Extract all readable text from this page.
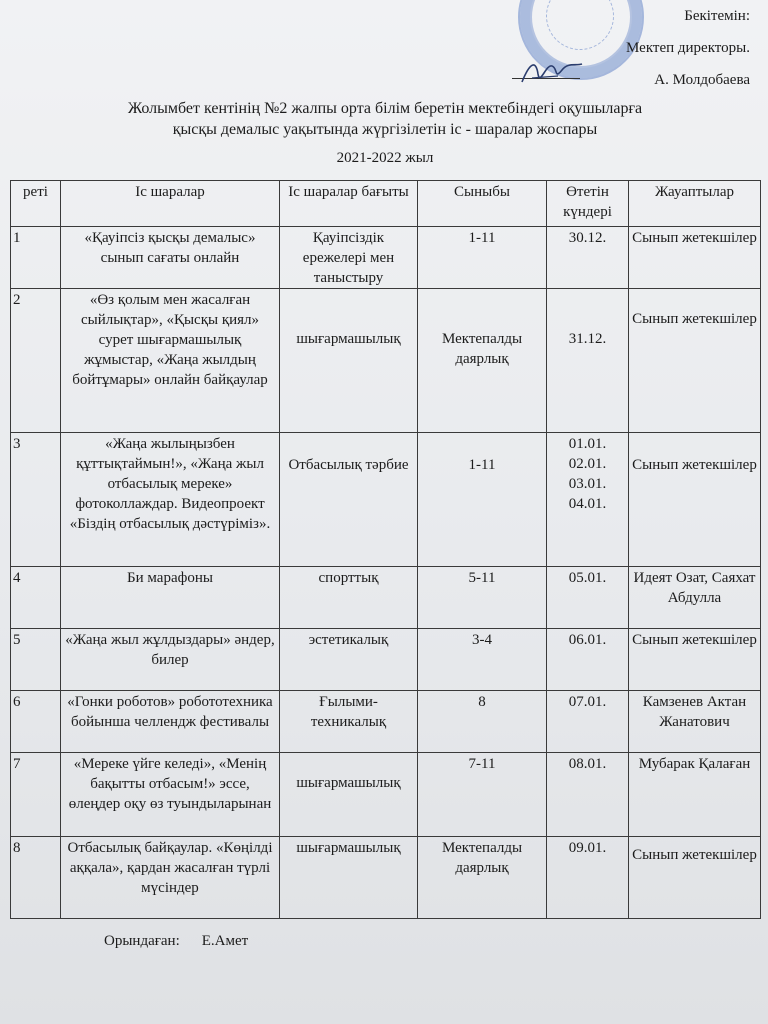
Бекітемін:
Мектеп директоры.
А. Молдобаева
Жолымбет кентінің №2 жалпы орта білім беретін мектебіндегі оқушыларға
қысқы демалыс уақытында жүргізілетін іс - шаралар жоспары
2021-2022 жыл
реті	Іс шаралар	Іс шаралар бағыты	Сыныбы	Өтетін күндері	Жауаптылар
1	«Қауіпсіз қысқы демалыс» сынып сағаты онлайн	Қауіпсіздік ережелері мен таныстыру	1-11	30.12.	Сынып жетекшілер
2	«Өз қолым мен жасалған сыйлықтар», «Қысқы қиял» сурет шығармашылық жұмыстар, «Жаңа жылдың бойтұмары» онлайн байқаулар	шығармашылық	Мектепалды даярлық	31.12.	Сынып жетекшілер
3	«Жаңа жылыңызбен құттықтаймын!», «Жаңа жыл отбасылық мереке» фотоколлаждар. Видеопроект «Біздің отбасылық дәстүріміз».	Отбасылық тәрбие	1-11	01.01. 02.01. 03.01. 04.01.	Сынып жетекшілер
4	Би марафоны	спорттық	5-11	05.01.	Идеят Озат, Саяхат Абдулла
5	«Жаңа жыл жұлдыздары» әндер, билер	эстетикалық	3-4	06.01.	Сынып жетекшілер
6	«Гонки роботов» робототехника бойынша челлендж фестивалы	Ғылыми-техникалық	8	07.01.	Камзенев Актан Жанатович
7	«Мереке үйге келеді», «Менің бақытты отбасым!» эссе, өлеңдер оқу өз туындыларынан	шығармашылық	7-11	08.01.	Мубарак Қалаған
8	Отбасылық байқаулар. «Көңілді аққала», қардан жасалған түрлі мүсіндер	шығармашылық	Мектепалды даярлық	09.01.	Сынып жетекшілер
Орындаған: Е.Амет
